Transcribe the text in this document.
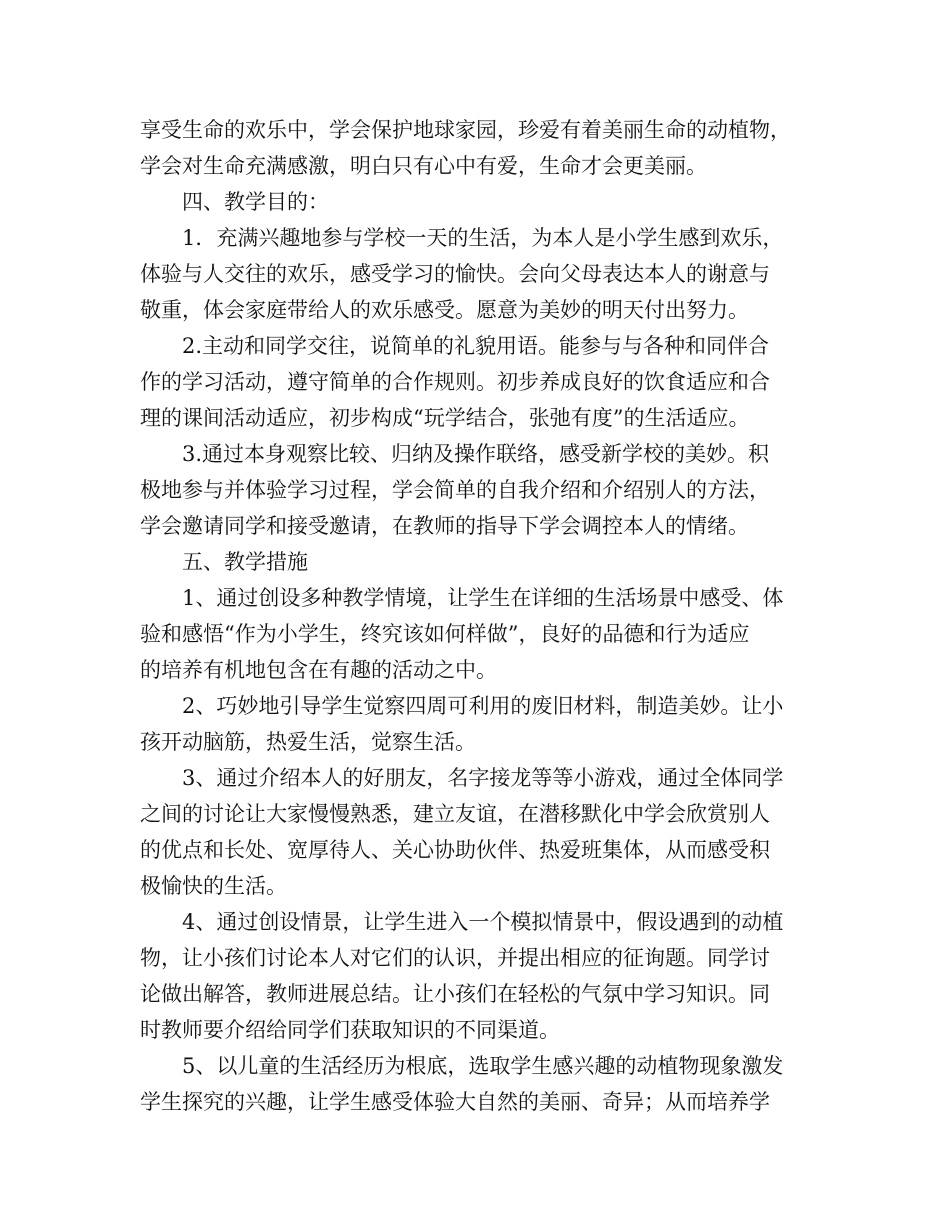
享受生命的欢乐中，学会保护地球家园，珍爱有着美丽生命的动植物，
学会对生命充满感激，明白只有心中有爱，生命才会更美丽。
四、教学目的：
1．充满兴趣地参与学校一天的生活，为本人是小学生感到欢乐，
体验与人交往的欢乐，感受学习的愉快。会向父母表达本人的谢意与
敬重，体会家庭带给人的欢乐感受。愿意为美妙的明天付出努力。
2.主动和同学交往，说简单的礼貌用语。能参与与各种和同伴合
作的学习活动，遵守简单的合作规则。初步养成良好的饮食适应和合
理的课间活动适应，初步构成“玩学结合，张弛有度”的生活适应。
3.通过本身观察比较、归纳及操作联络，感受新学校的美妙。积
极地参与并体验学习过程，学会简单的自我介绍和介绍别人的方法，
学会邀请同学和接受邀请，在教师的指导下学会调控本人的情绪。
五、教学措施
1、通过创设多种教学情境，让学生在详细的生活场景中感受、体
验和感悟“作为小学生，终究该如何样做”，良好的品德和行为适应
的培养有机地包含在有趣的活动之中。
2、巧妙地引导学生觉察四周可利用的废旧材料，制造美妙。让小
孩开动脑筋，热爱生活，觉察生活。
3、通过介绍本人的好朋友，名字接龙等等小游戏，通过全体同学
之间的讨论让大家慢慢熟悉，建立友谊，在潜移默化中学会欣赏别人
的优点和长处、宽厚待人、关心协助伙伴、热爱班集体，从而感受积
极愉快的生活。
4、通过创设情景，让学生进入一个模拟情景中，假设遇到的动植
物，让小孩们讨论本人对它们的认识，并提出相应的征询题。同学讨
论做出解答，教师进展总结。让小孩们在轻松的气氛中学习知识。同
时教师要介绍给同学们获取知识的不同渠道。
5、以儿童的生活经历为根底，选取学生感兴趣的动植物现象激发
学生探究的兴趣，让学生感受体验大自然的美丽、奇异；从而培养学
